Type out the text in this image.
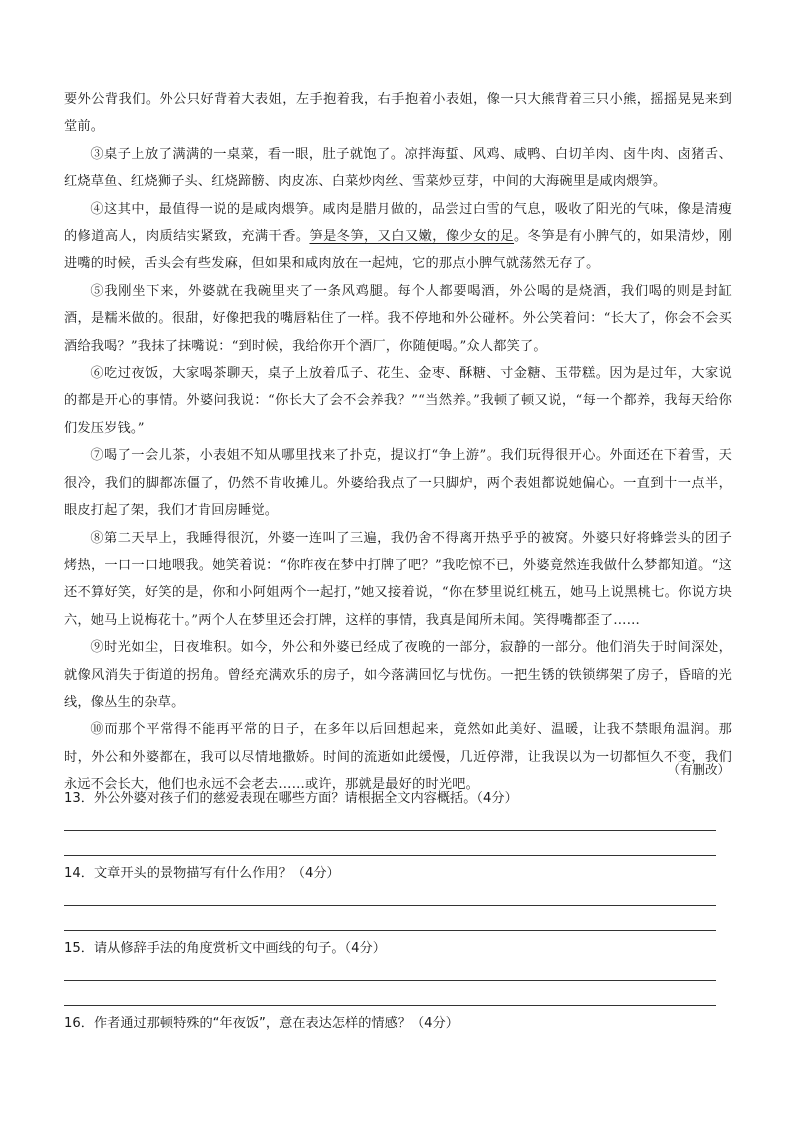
要外公背我们。外公只好背着大表姐，左手抱着我，右手抱着小表姐，像一只大熊背着三只小熊，摇摇晃晃来到堂前。

③桌子上放了满满的一桌菜，看一眼，肚子就饱了。凉拌海蜇、风鸡、咸鸭、白切羊肉、卤牛肉、卤猪舌、红烧草鱼、红烧狮子头、红烧蹄髈、肉皮冻、白菜炒肉丝、雪菜炒豆芽，中间的大海碗里是咸肉煨笋。

④这其中，最值得一说的是咸肉煨笋。咸肉是腊月做的，品尝过白雪的气息，吸收了阳光的气味，像是清瘦的修道高人，肉质结实紧致，充满干香。笋是冬笋，又白又嫩，像少女的足。冬笋是有小脾气的，如果清炒，刚进嘴的时候，舌头会有些发麻，但如果和咸肉放在一起炖，它的那点小脾气就荡然无存了。

⑤我刚坐下来，外婆就在我碗里夹了一条风鸡腿。每个人都要喝酒，外公喝的是烧酒，我们喝的则是封缸酒，是糯米做的。很甜，好像把我的嘴唇粘住了一样。我不停地和外公碰杯。外公笑着问：“长大了，你会不会买酒给我喝？”我抹了抹嘴说：“到时候，我给你开个酒厂，你随便喝。”众人都笑了。

⑥吃过夜饭，大家喝茶聊天，桌子上放着瓜子、花生、金枣、酥糖、寸金糖、玉带糕。因为是过年，大家说的都是开心的事情。外婆问我说：“你长大了会不会养我？”“当然养。”我顿了顿又说，“每一个都养，我每天给你们发压岁钱。”

⑦喝了一会儿茶，小表姐不知从哪里找来了扑克，提议打“争上游”。我们玩得很开心。外面还在下着雪，天很冷，我们的脚都冻僵了，仍然不肯收摊儿。外婆给我点了一只脚炉，两个表姐都说她偏心。一直到十一点半，眼皮打起了架，我们才肯回房睡觉。

⑧第二天早上，我睡得很沉，外婆一连叫了三遍，我仍舍不得离开热乎乎的被窝。外婆只好将蜂尝头的团子烤热，一口一口地喂我。她笑着说：“你昨夜在梦中打牌了吧？”我吃惊不已，外婆竟然连我做什么梦都知道。“这还不算好笑，好笑的是，你和小阿姐两个一起打，”她又接着说，“你在梦里说红桃五，她马上说黑桃七。你说方块六，她马上说梅花十。”两个人在梦里还会打牌，这样的事情，我真是闻所未闻。笑得嘴都歪了……

⑨时光如尘，日夜堆积。如今，外公和外婆已经成了夜晚的一部分，寂静的一部分。他们消失于时间深处，就像风消失于街道的拐角。曾经充满欢乐的房子，如今落满回忆与忧伤。一把生锈的铁锁绑架了房子，昏暗的光线，像丛生的杂草。

⑩而那个平常得不能再平常的日子，在多年以后回想起来，竟然如此美好、温暖，让我不禁眼角温润。那时，外公和外婆都在，我可以尽情地撒娇。时间的流逝如此缓慢，几近停滞，让我误以为一切都恒久不变，我们永远不会长大，他们也永远不会老去……或许，那就是最好的时光吧。

（有删改）
13．外公外婆对孩子们的慈爱表现在哪些方面？请根据全文内容概括。（4分）
14．文章开头的景物描写有什么作用？（4分）
15．请从修辞手法的角度赏析文中画线的句子。（4分）
16．作者通过那顿特殊的“年夜饭”，意在表达怎样的情感？（4分）
